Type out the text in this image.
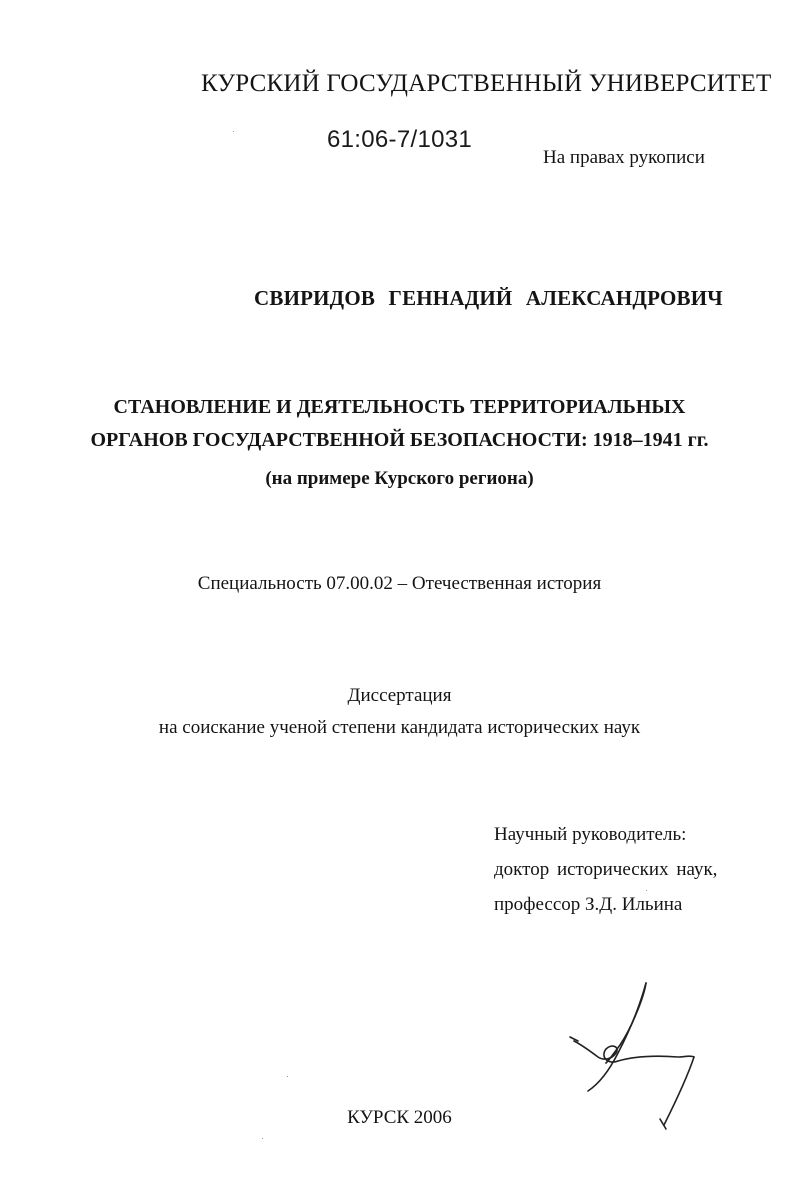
КУРСКИЙ ГОСУДАРСТВЕННЫЙ УНИВЕРСИТЕТ
61:06-7/1031
На правах рукописи
СВИРИДОВ ГЕННАДИЙ АЛЕКСАНДРОВИЧ
СТАНОВЛЕНИЕ И ДЕЯТЕЛЬНОСТЬ ТЕРРИТОРИАЛЬНЫХ
ОРГАНОВ ГОСУДАРСТВЕННОЙ БЕЗОПАСНОСТИ: 1918–1941 гг.
(на примере Курского региона)
Специальность 07.00.02 – Отечественная история
Диссертация
на соискание ученой степени кандидата исторических наук
Научный руководитель:
доктор исторических наук,
профессор З.Д. Ильина
КУРСК 2006
